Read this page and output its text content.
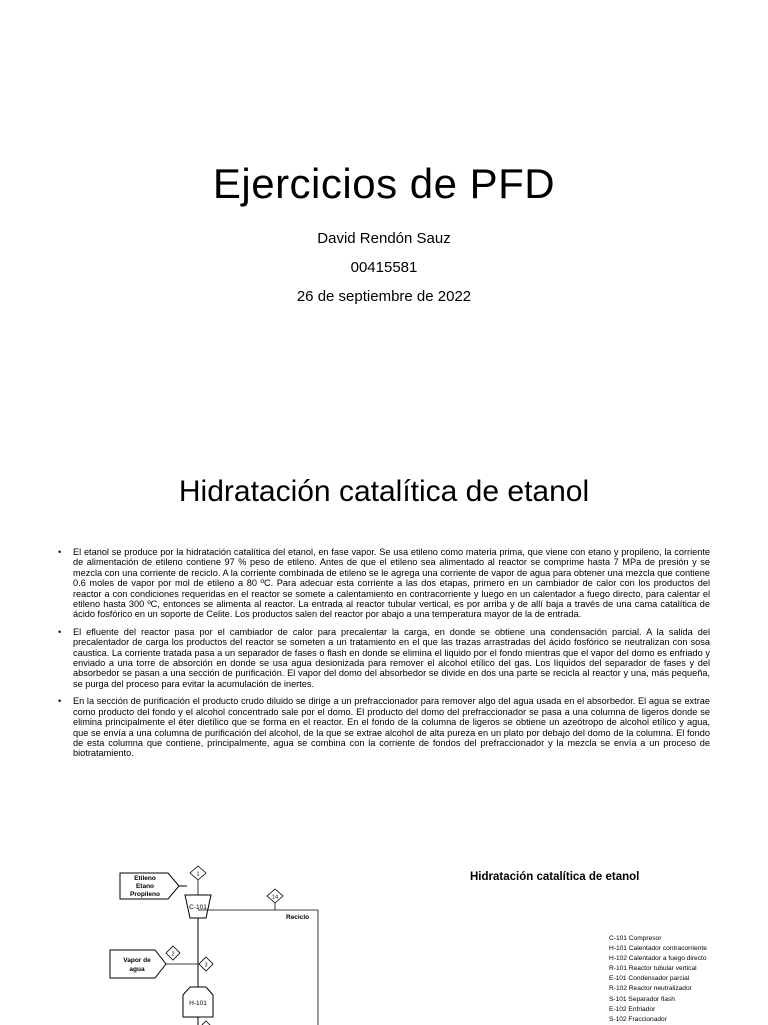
Ejercicios de PFD
David Rendón Sauz
00415581
26 de septiembre de 2022
Hidratación catalítica de etanol
• El etanol se produce por la hidratación catalítica del etanol, en fase vapor. Se usa etileno como materia prima, que viene con etano y propileno, la corriente de alimentación de etileno contiene 97 % peso de etileno. Antes de que el etileno sea alimentado al reactor se comprime hasta 7 MPa de presión y se mezcla con una corriente de reciclo. A la corriente combinada de etileno se le agrega una corriente de vapor de agua para obtener una mezcla que contiene 0.6 moles de vapor por mol de etileno a 80 ºC. Para adecuar esta corriente a las dos etapas, primero en un cambiador de calor con los productos del reactor a con condiciones requeridas en el reactor se somete a calentamiento en contracorriente y luego en un calentador a fuego directo, para calentar el etileno hasta 300 ºC, entonces se alimenta al reactor. La entrada al reactor tubular vertical, es por arriba y de allí baja a través de una cama catalítica de ácido fosfórico en un soporte de Celite. Los productos salen del reactor por abajo a una temperatura mayor de la de entrada.
• El efluente del reactor pasa por el cambiador de calor para precalentar la carga, en donde se obtiene una condensación parcial. A la salida del precalentador de carga los productos del reactor se someten a un tratamiento en el que las trazas arrastradas del ácido fosfórico se neutralizan con sosa caustica. La corriente tratada pasa a un separador de fases o flash en donde se elimina el liquido por el fondo mientras que el vapor del domo es enfriado y enviado a una torre de absorción en donde se usa agua desionizada para remover el alcohol etílico del gas. Los líquidos del separador de fases y del absorbedor se pasan a una sección de purificación. El vapor del domo del absorbedor se divide en dos una parte se recicla al reactor y una, más pequeña, se purga del proceso para evitar la acumulación de inertes.
• En la sección de purificación el producto crudo diluido se dirige a un prefraccionador para remover algo del agua usada en el absorbedor. El agua se extrae como producto del fondo y el alcohol concentrado sale por el domo. El producto del domo del prefraccionador se pasa a una columna de ligeros donde se elimina principalmente el éter dietílico que se forma en el reactor. En el fondo de la columna de ligeros se obtiene un azeótropo de alcohol etílico y agua, que se envía a una columna de purificación del alcohol, de la que se extrae alcohol de alta pureza en un plato por debajo del domo de la columna. El fondo de esta columna que contiene, principalmente, agua se combina con la corriente de fondos del prefraccionador y la mezcla se envía a un proceso de biotratamiento.
Hidratación catalítica de etanol
C-101 Compresor
H-101 Calentador contracorriente
H-102 Calentador a fuego directo
R-101 Reactor tubular vertical
E-101 Condensador parcial
R-102 Reactor neutralizador
S-101 Separador flash
E-102 Enfriador
S-102 Fraccionador
Etileno
Etano
Propileno
1
C-101
14
Reciclo
Vapor de
agua
2
3
H-101
